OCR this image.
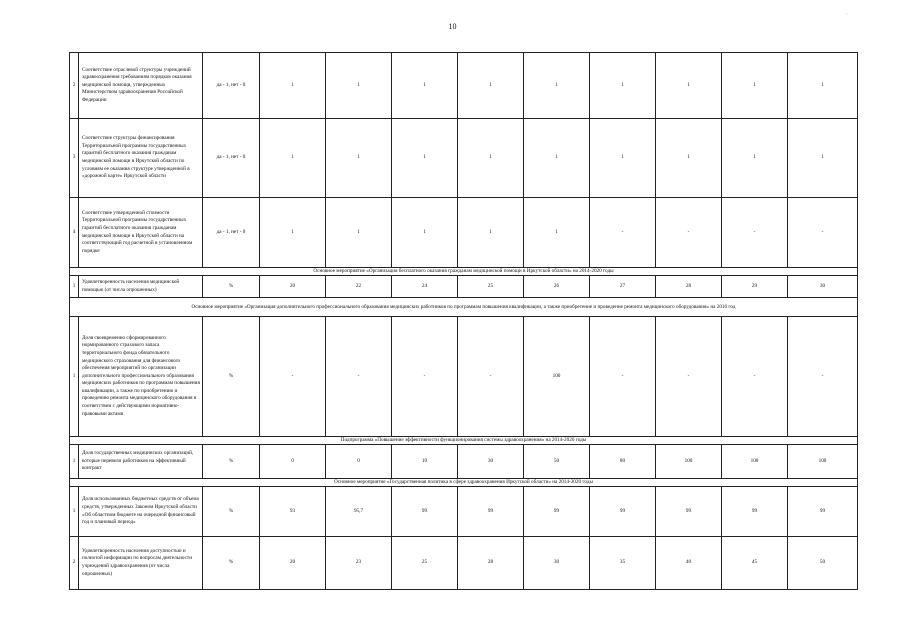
10
·
2	Соответствие отраслевой структуры учреждений здравоохранения требованиям порядков оказания медицинской помощи, утвержденных Министерством здравоохранения Российской Федерации	да - 1, нет - 0	1	1	1	1	1	1	1	1	1
3	Соответствие структуры финансирования Территориальной программы государственных гарантий бесплатного оказания гражданам медицинской помощи в Иркутской области по условиям ее оказания структуре утвержденной в «дорожной карте» Иркутской области	да - 1, нет - 0	1	1	1	1	1	1	1	1	1
4	Соответствие утвержденной стоимости Территориальной программы государственных гарантий бесплатного оказания гражданам медицинской помощи в Иркутской области на соответствующий год расчетной в установленном порядке	да - 1, нет - 0	1	1	1	1	1	-	-	-	-
Основное мероприятие «Организация бесплатного оказания гражданам медицинской помощи в Иркутской области» на 2014-2020 годы											
1	Удовлетворенность населения медицинской помощью (от числа опрошенных)	%	20	22	24	25	26	27	28	29	30
Основное мероприятие «Организация дополнительного профессионального образования медицинских работников по программам повышения квалификации, а также приобретение и проведение ремонта медицинского оборудования» на 2016 год											
1	Доля своевременно сформированного нормированного страхового запаса территориального фонда обязательного медицинского страхования для финансового обеспечения мероприятий по организации дополнительного профессионального образования медицинских работников по программам повышения квалификации, а также по приобретению и проведению ремонта медицинского оборудования в соответствии с действующими нормативно-правовыми актами	%	-	-	-	-	100	-	-	-	-
Подпрограмма «Повышение эффективности функционирования системы здравоохранения» на 2014-2020 годы											
1	Доля государственных медицинских организаций, которые перевели работников на эффективный контракт	%	0	0	10	30	50	80	100	100	100
Основное мероприятие «Государственная политика в сфере здравоохранения Иркутской области» на 2014-2020 годы											
1	Доля использованных бюджетных средств от объема средств, утвержденных Законом Иркутской области «Об областном бюджете на очередной финансовый год и плановый период»	%	93	95,7	99	99	99	99	99	99	99
2	Удовлетворенность населения доступностью и полнотой информации по вопросам деятельности учреждений здравоохранения (от числа опрошенных)	%	20	23	25	28	30	35	40	45	50
